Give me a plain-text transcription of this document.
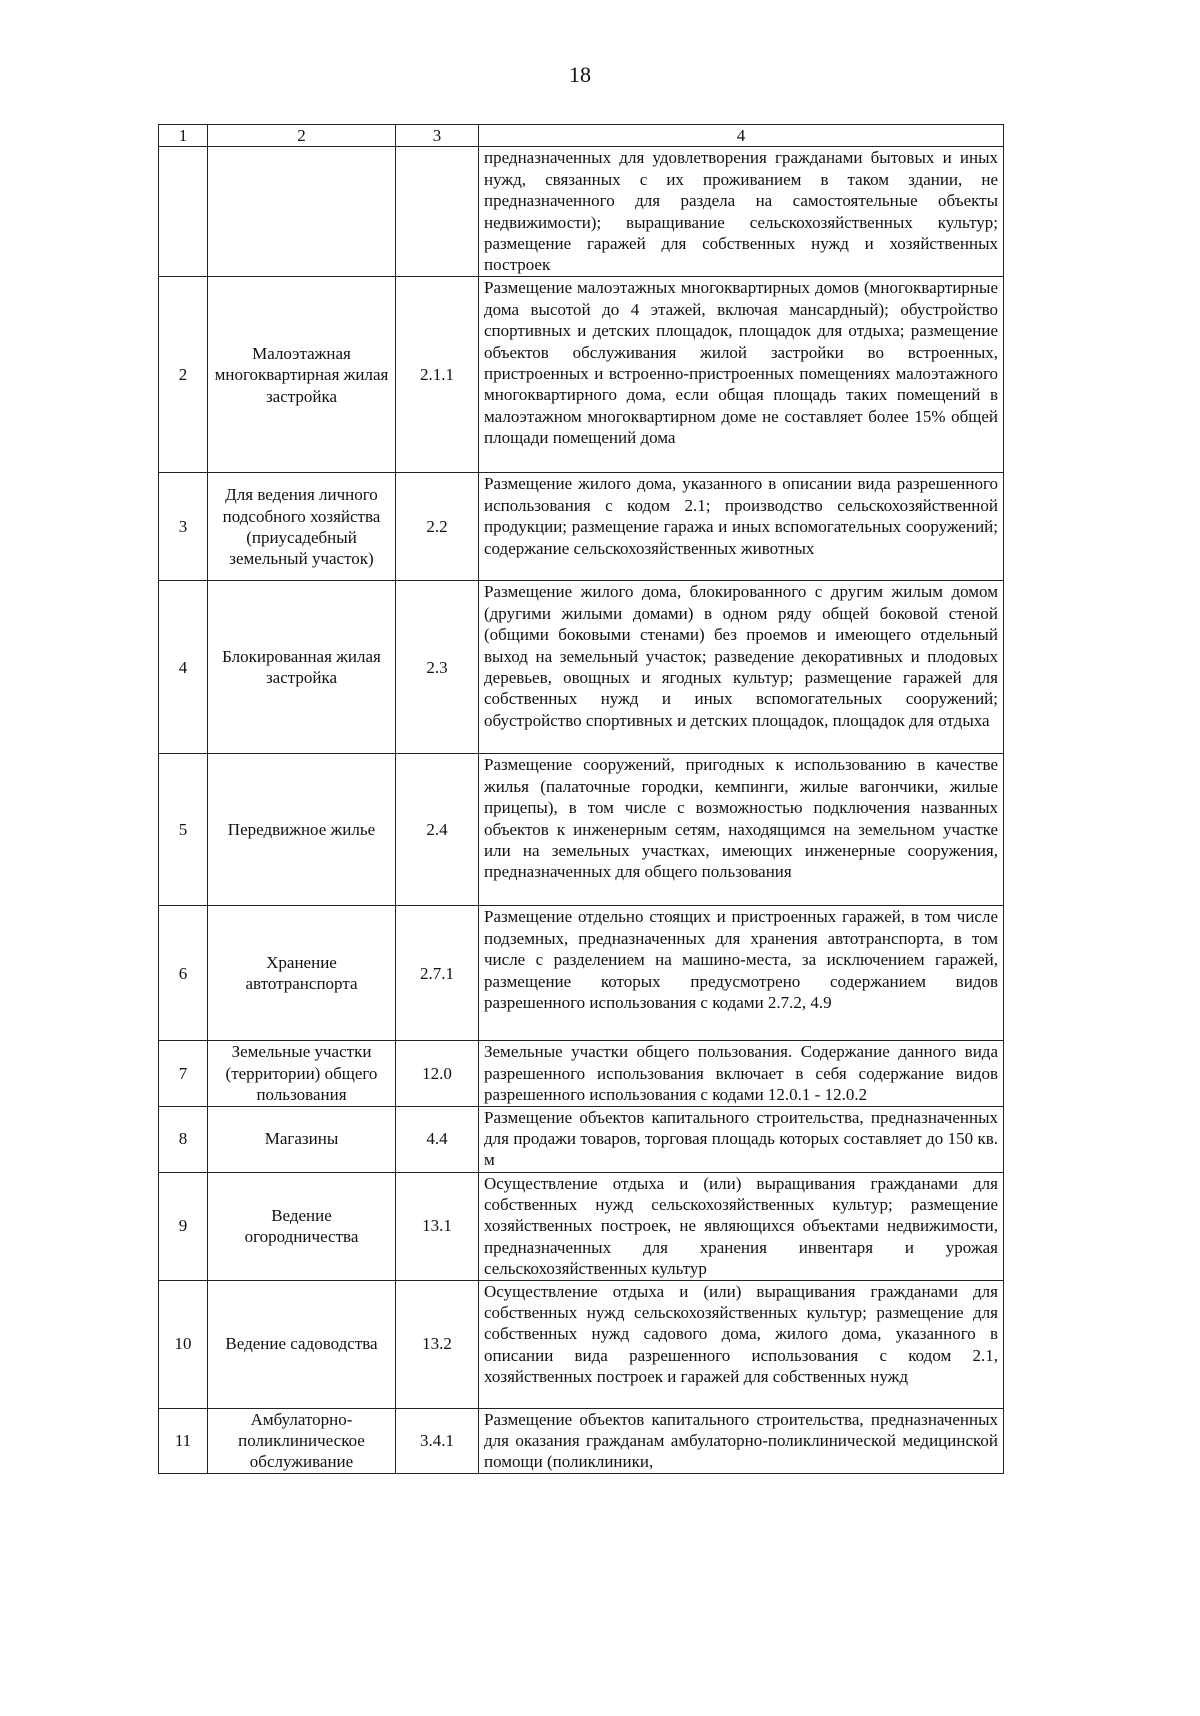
18
1	2	3	4
			предназначенных для удовлетворения гражданами бытовых и иных нужд, связанных с их проживанием в таком здании, не предназначенного для раздела на самостоятельные объекты недвижимости); выращивание сельскохозяйственных культур; размещение гаражей для собственных нужд и хозяйственных построек
2	Малоэтажная многоквартирная жилая застройка	2.1.1	Размещение малоэтажных многоквартирных домов (многоквартирные дома высотой до 4 этажей, включая мансардный); обустройство спортивных и детских площадок, площадок для отдыха; размещение объектов обслуживания жилой застройки во встроенных, пристроенных и встроенно-пристроенных помещениях малоэтажного многоквартирного дома, если общая площадь таких помещений в малоэтажном многоквартирном доме не составляет более 15% общей площади помещений дома
3	Для ведения личного подсобного хозяйства (приусадебный земельный участок)	2.2	Размещение жилого дома, указанного в описании вида разрешенного использования с кодом 2.1; производство сельскохозяйственной продукции; размещение гаража и иных вспомогательных сооружений; содержание сельскохозяйственных животных
4	Блокированная жилая застройка	2.3	Размещение жилого дома, блокированного с другим жилым домом (другими жилыми домами) в одном ряду общей боковой стеной (общими боковыми стенами) без проемов и имеющего отдельный выход на земельный участок; разведение декоративных и плодовых деревьев, овощных и ягодных культур; размещение гаражей для собственных нужд и иных вспомогательных сооружений; обустройство спортивных и детских площадок, площадок для отдыха
5	Передвижное жилье	2.4	Размещение сооружений, пригодных к использованию в качестве жилья (палаточные городки, кемпинги, жилые вагончики, жилые прицепы), в том числе с возможностью подключения названных объектов к инженерным сетям, находящимся на земельном участке или на земельных участках, имеющих инженерные сооружения, предназначенных для общего пользования
6	Хранение автотранспорта	2.7.1	Размещение отдельно стоящих и пристроенных гаражей, в том числе подземных, предназначенных для хранения автотранспорта, в том числе с разделением на машино-места, за исключением гаражей, размещение которых предусмотрено содержанием видов разрешенного использования с кодами 2.7.2, 4.9
7	Земельные участки (территории) общего пользования	12.0	Земельные участки общего пользования. Содержание данного вида разрешенного использования включает в себя содержание видов разрешенного использования с кодами 12.0.1 - 12.0.2
8	Магазины	4.4	Размещение объектов капитального строительства, предназначенных для продажи товаров, торговая площадь которых составляет до 150 кв. м
9	Ведение огородничества	13.1	Осуществление отдыха и (или) выращивания гражданами для собственных нужд сельскохозяйственных культур; размещение хозяйственных построек, не являющихся объектами недвижимости, предназначенных для хранения инвентаря и урожая сельскохозяйственных культур
10	Ведение садоводства	13.2	Осуществление отдыха и (или) выращивания гражданами для собственных нужд сельскохозяйственных культур; размещение для собственных нужд садового дома, жилого дома, указанного в описании вида разрешенного использования с кодом 2.1, хозяйственных построек и гаражей для собственных нужд
11	Амбулаторно-поликлиническое обслуживание	3.4.1	Размещение объектов капитального строительства, предназначенных для оказания гражданам амбулаторно-поликлинической медицинской помощи (поликлиники,
